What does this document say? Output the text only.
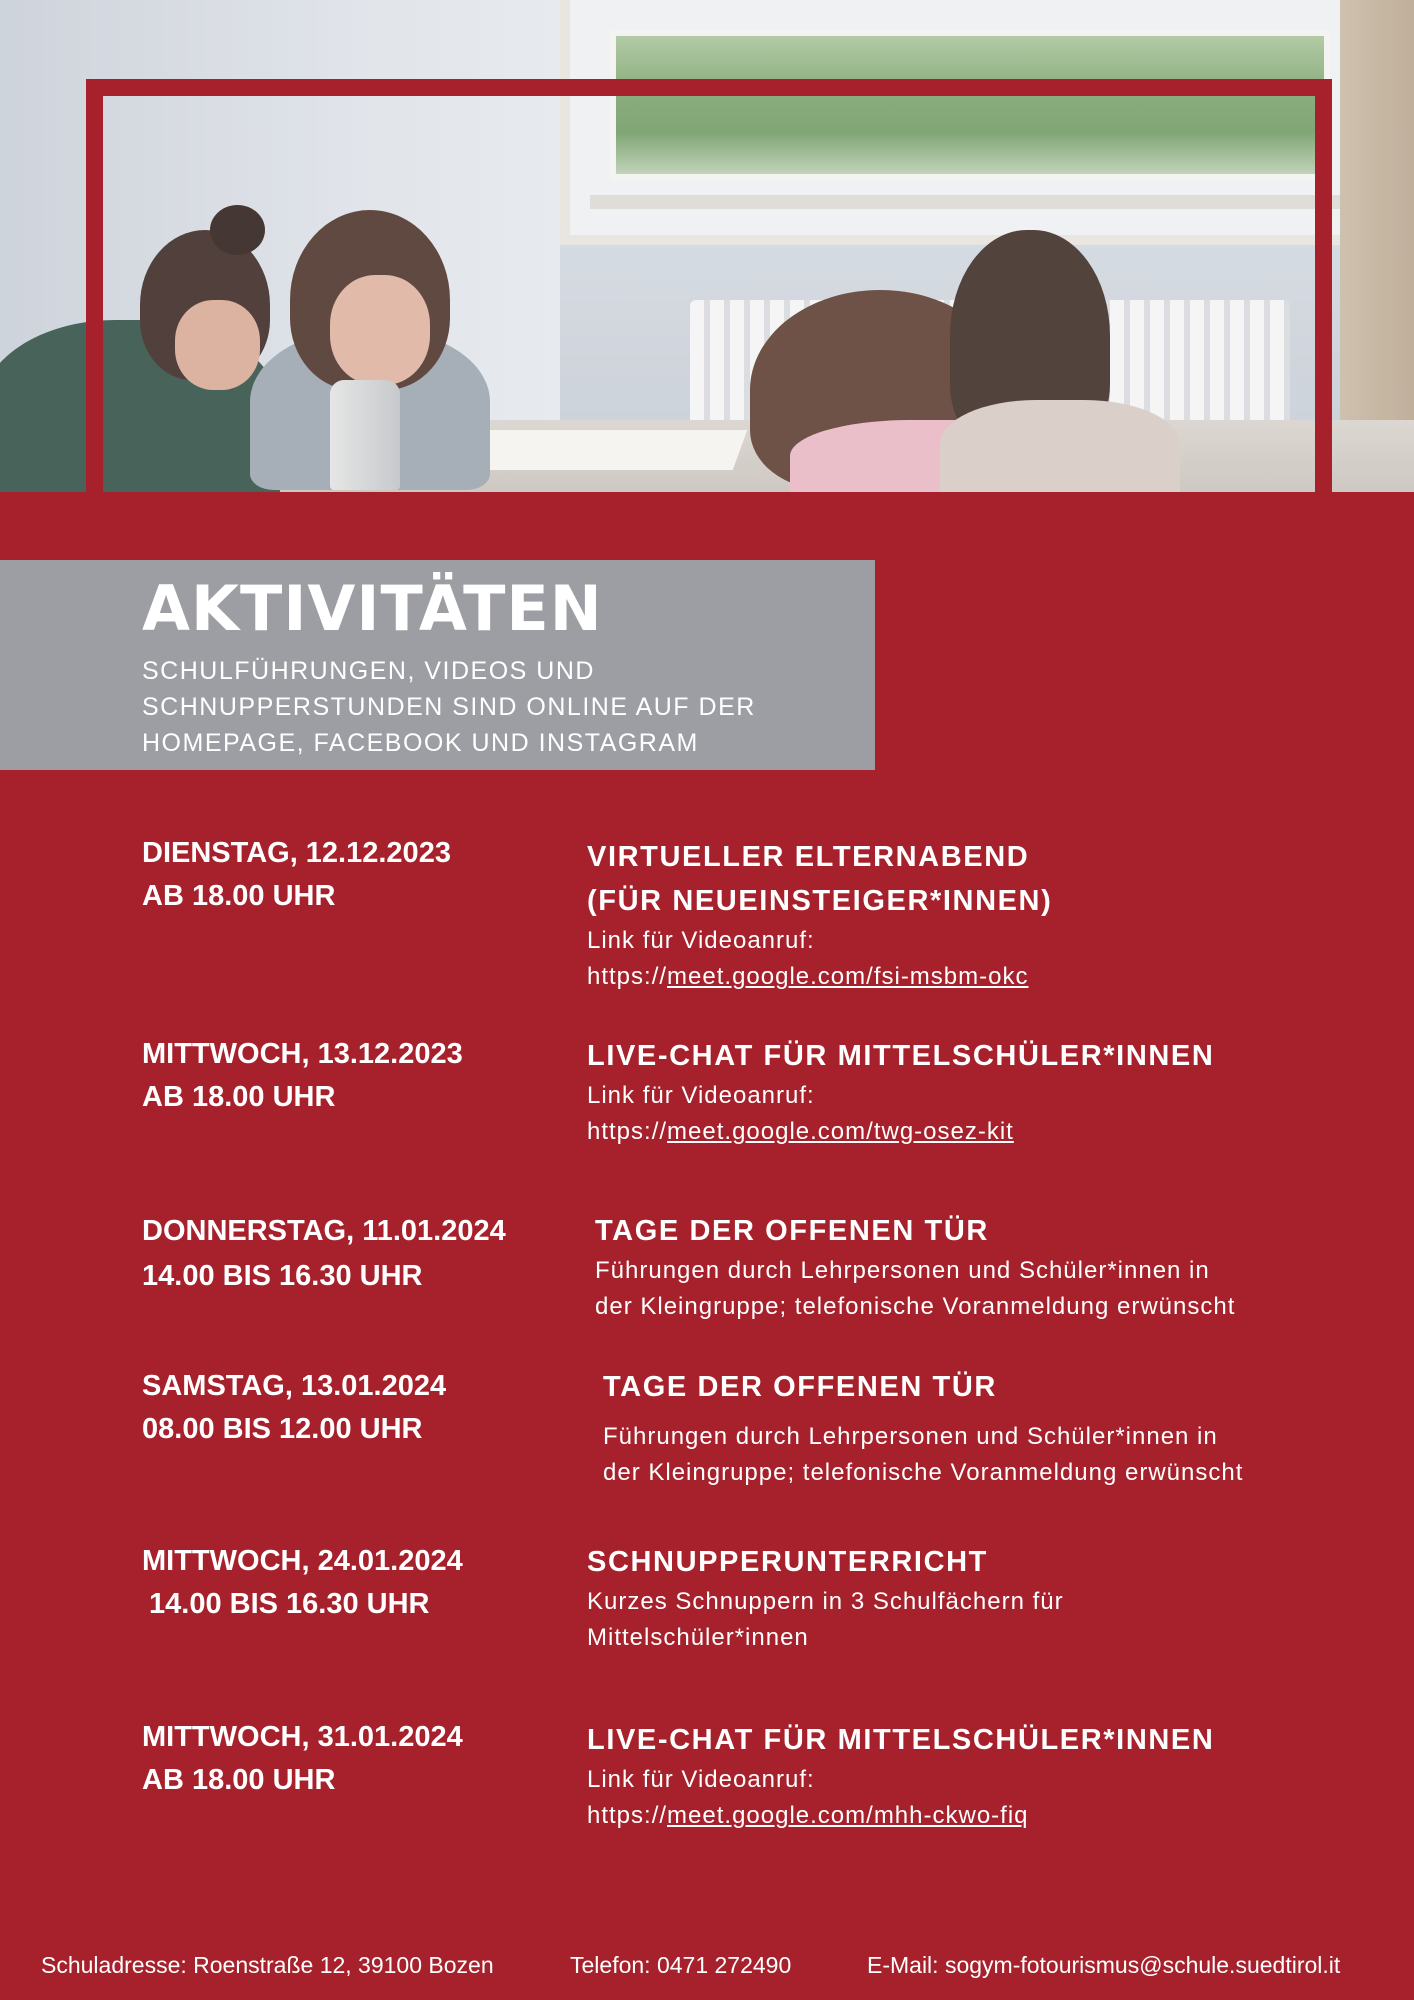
AKTIVITÄTEN
SCHULFÜHRUNGEN, VIDEOS UND
SCHNUPPERSTUNDEN SIND ONLINE AUF DER
HOMEPAGE, FACEBOOK UND INSTAGRAM
DIENSTAG, 12.12.2023
AB 18.00 UHR
VIRTUELLER ELTERNABEND
(FÜR NEUEINSTEIGER*INNEN)
Link für Videoanruf:
https://meet.google.com/fsi-msbm-okc
MITTWOCH, 13.12.2023
AB 18.00 UHR
LIVE-CHAT FÜR MITTELSCHÜLER*INNEN
Link für Videoanruf:
https://meet.google.com/twg-osez-kit
DONNERSTAG, 11.01.2024
14.00 BIS 16.30 UHR
TAGE DER OFFENEN TÜR
Führungen durch Lehrpersonen und Schüler*innen in
der Kleingruppe; telefonische Voranmeldung erwünscht
SAMSTAG, 13.01.2024
08.00 BIS 12.00 UHR
TAGE DER OFFENEN TÜR
Führungen durch Lehrpersonen und Schüler*innen in
der Kleingruppe; telefonische Voranmeldung erwünscht
MITTWOCH, 24.01.2024
14.00 BIS 16.30 UHR
SCHNUPPERUNTERRICHT
Kurzes Schnuppern in 3 Schulfächern für
Mittelschüler*innen
MITTWOCH, 31.01.2024
AB 18.00 UHR
LIVE-CHAT FÜR MITTELSCHÜLER*INNEN
Link für Videoanruf:
https://meet.google.com/mhh-ckwo-fiq
Schuladresse: Roenstraße 12, 39100 Bozen	Telefon: 0471 272490	E-Mail: sogym-fotourismus@schule.suedtirol.it
